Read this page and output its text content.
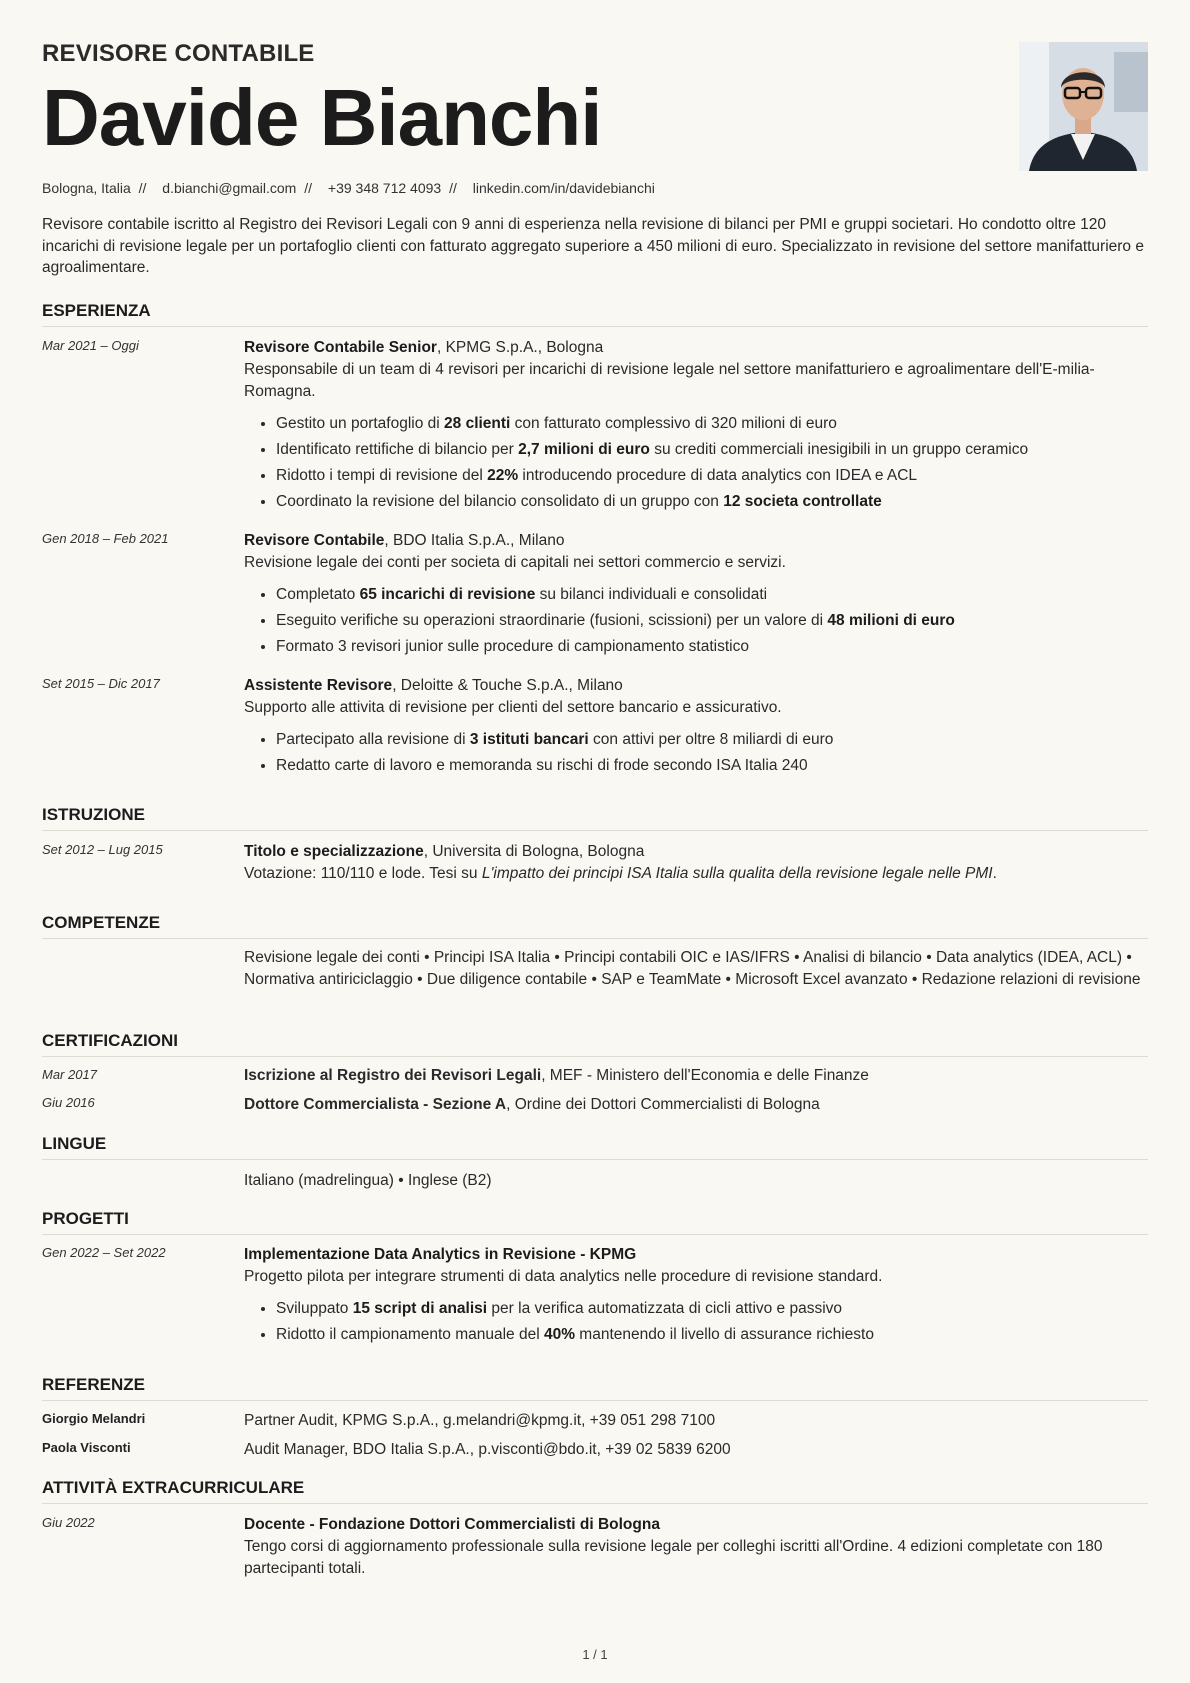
REVISORE CONTABILE
Davide Bianchi
Bologna, Italia // d.bianchi@gmail.com // +39 348 712 4093 // linkedin.com/in/davidebianchi
Revisore contabile iscritto al Registro dei Revisori Legali con 9 anni di esperienza nella revisione di bilanci per PMI e gruppi societari. Ho condotto oltre 120 incarichi di revisione legale per un portafoglio clienti con fatturato aggregato superiore a 450 milioni di euro. Specializzato in revisione del settore manifatturiero e agroalimentare.
ESPERIENZA
Mar 2021 – Oggi	Revisore Contabile Senior, KPMG S.p.A., Bologna

Responsabile di un team di 4 revisori per incarichi di revisione legale nel settore manifatturiero e agroalimentare dell'E-milia-Romagna.

• Gestito un portafoglio di 28 clienti con fatturato complessivo di 320 milioni di euro
• Identificato rettifiche di bilancio per 2,7 milioni di euro su crediti commerciali inesigibili in un gruppo ceramico
• Ridotto i tempi di revisione del 22% introducendo procedure di data analytics con IDEA e ACL
• Coordinato la revisione del bilancio consolidato di un gruppo con 12 societa controllate
Gen 2018 – Feb 2021	Revisore Contabile, BDO Italia S.p.A., Milano

Revisione legale dei conti per societa di capitali nei settori commercio e servizi.

• Completato 65 incarichi di revisione su bilanci individuali e consolidati
• Eseguito verifiche su operazioni straordinarie (fusioni, scissioni) per un valore di 48 milioni di euro
• Formato 3 revisori junior sulle procedure di campionamento statistico
Set 2015 – Dic 2017	Assistente Revisore, Deloitte & Touche S.p.A., Milano

Supporto alle attivita di revisione per clienti del settore bancario e assicurativo.

• Partecipato alla revisione di 3 istituti bancari con attivi per oltre 8 miliardi di euro
• Redatto carte di lavoro e memoranda su rischi di frode secondo ISA Italia 240
ISTRUZIONE
Set 2012 – Lug 2015	Titolo e specializzazione, Universita di Bologna, Bologna

Votazione: 110/110 e lode. Tesi su L'impatto dei principi ISA Italia sulla qualita della revisione legale nelle PMI.

COMPETENZE
Revisione legale dei conti • Principi ISA Italia • Principi contabili OIC e IAS/IFRS • Analisi di bilancio • Data analytics (IDEA, ACL) • Normativa antiriciclaggio • Due diligence contabile • SAP e TeamMate • Microsoft Excel avanzato • Redazione relazioni di revisione
CERTIFICAZIONI
Mar 2017	Iscrizione al Registro dei Revisori Legali, MEF - Ministero dell'Economia e delle Finanze
Giu 2016	Dottore Commercialista - Sezione A, Ordine dei Dottori Commercialisti di Bologna
LINGUE
Italiano (madrelingua) • Inglese (B2)
PROGETTI
Gen 2022 – Set 2022	Implementazione Data Analytics in Revisione - KPMG

Progetto pilota per integrare strumenti di data analytics nelle procedure di revisione standard.

• Sviluppato 15 script di analisi per la verifica automatizzata di cicli attivo e passivo
• Ridotto il campionamento manuale del 40% mantenendo il livello di assurance richiesto
REFERENZE
Giorgio Melandri	Partner Audit, KPMG S.p.A., g.melandri@kpmg.it, +39 051 298 7100
Paola Visconti	Audit Manager, BDO Italia S.p.A., p.visconti@bdo.it, +39 02 5839 6200
ATTIVITÀ EXTRACURRICULARE
Giu 2022	Docente - Fondazione Dottori Commercialisti di Bologna

Tengo corsi di aggiornamento professionale sulla revisione legale per colleghi iscritti all'Ordine. 4 edizioni completate con 180 partecipanti totali.

1 / 1
